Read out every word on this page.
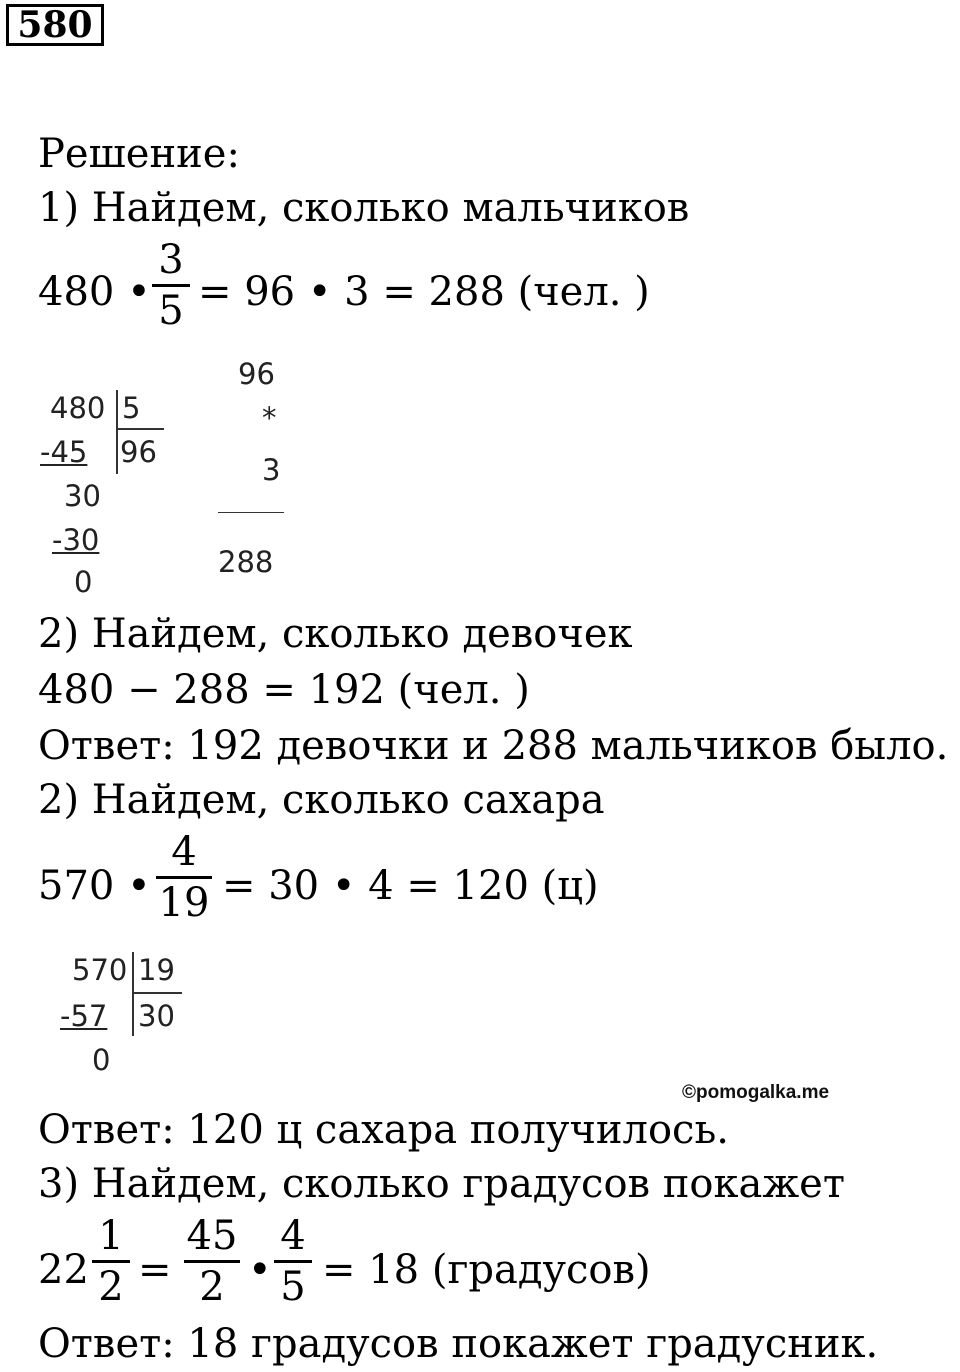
580
Решение:
1) Найдем, сколько мальчиков
480 •
3
5 = 96 • 3 = 288 (чел. )
480 5
-45 96
30
-30
0
96
*
3
288
2) Найдем, сколько девочек
480 − 288 = 192 (чел. )
Ответ: 192 девочки и 288 мальчиков было.
2) Найдем, сколько сахара
570 •
4
19 = 30 • 4 = 120 (ц)
570 19
-57 30
0
©pomogalka.me
Ответ: 120 ц сахара получилось.
3) Найдем, сколько градусов покажет
22
1
2 =
45
2 •
4
5 = 18 (градусов)
Ответ: 18 градусов покажет градусник.
